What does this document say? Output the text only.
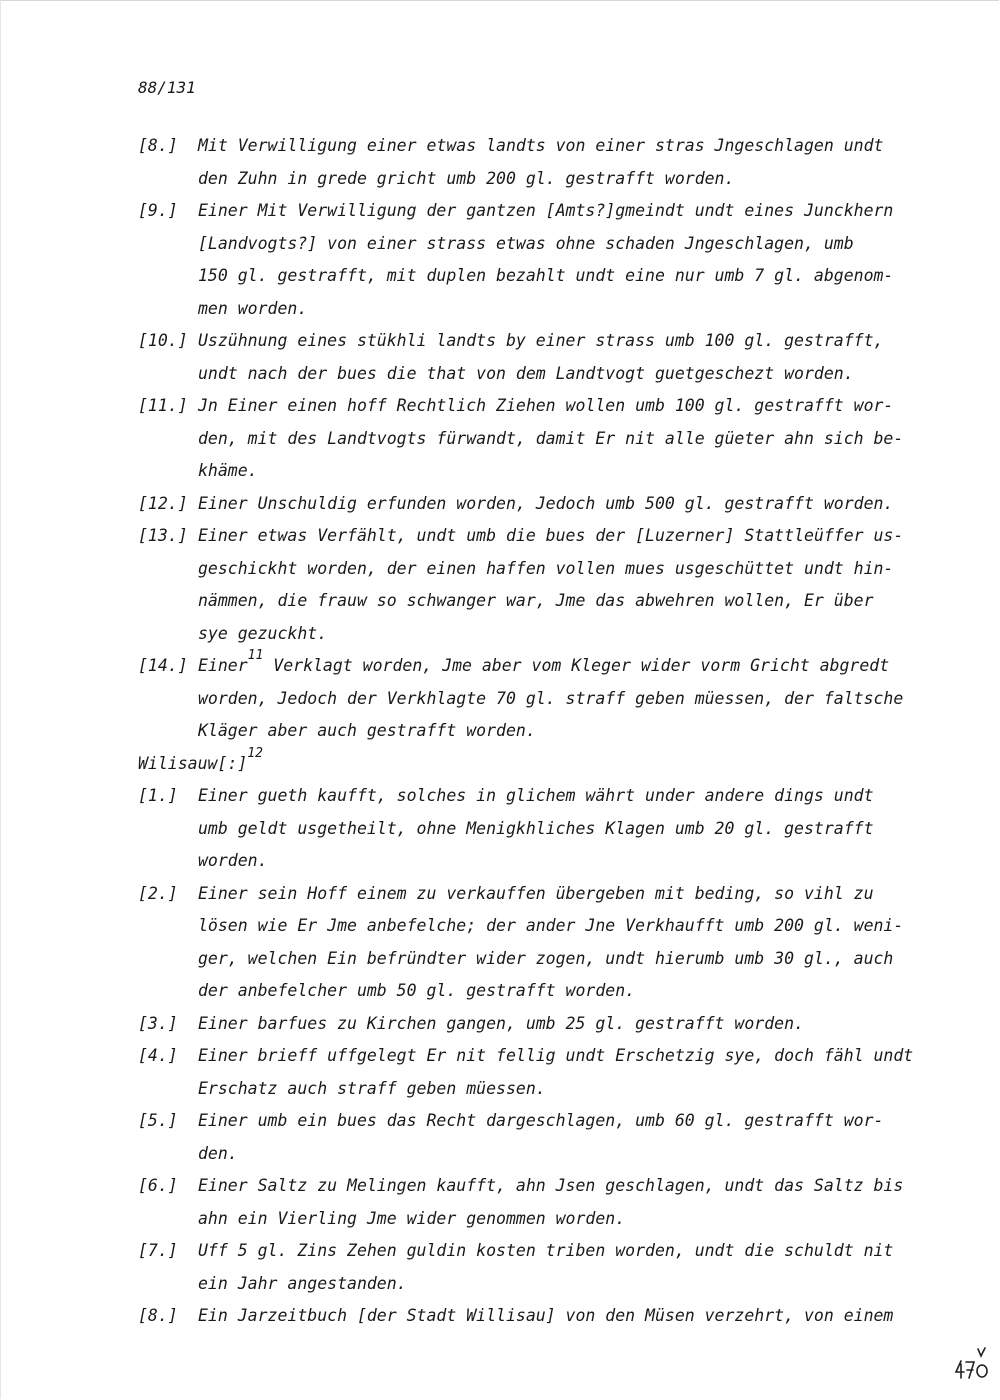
88/131
[8.]	Mit Verwilligung einer etwas landts von einer stras Jngeschlagen undt
den Zuhn in grede gricht umb 200 gl. gestrafft worden.
[9.]	Einer Mit Verwilligung der gantzen [Amts?]gmeindt undt eines Junckhern
[Landvogts?] von einer strass etwas ohne schaden Jngeschlagen, umb
150 gl. gestrafft, mit duplen bezahlt undt eine nur umb 7 gl. abgenom-
men worden.
[10.] Uszühnung eines stükhli landts by einer strass umb 100 gl. gestrafft,
undt nach der bues die that von dem Landtvogt guetgeschezt worden.
[11.] Jn Einer einen hoff Rechtlich Ziehen wollen umb 100 gl. gestrafft wor-
den, mit des Landtvogts fürwandt, damit Er nit alle güeter ahn sich be-
khäme.
[12.] Einer Unschuldig erfunden worden, Jedoch umb 500 gl. gestrafft worden.
[13.] Einer etwas Verfählt, undt umb die bues der [Luzerner] Stattleüffer us-
geschickht worden, der einen haffen vollen mues usgeschüttet undt hin-
nämmen, die frauw so schwanger war, Jme das abwehren wollen, Er über
sye gezuckht.
[14.] Einer$^{11}$ Verklagt worden, Jme aber vom Kleger wider vorm Gricht abgredt
worden, Jedoch der Verkhlagte 70 gl. straff geben müessen, der faltsche
Kläger aber auch gestrafft worden.
Wilisauw[:]$^{12}$
[1.]	Einer gueth kaufft, solches in glichem währt under andere dings undt
umb geldt usgetheilt, ohne Menigkhliches Klagen umb 20 gl. gestrafft
worden.
[2.]	Einer sein Hoff einem zu verkauffen übergeben mit beding, so vihl zu
lösen wie Er Jme anbefelche; der ander Jne Verkhaufft umb 200 gl. weni-
ger, welchen Ein befründter wider zogen, undt hierumb umb 30 gl., auch
der anbefelcher umb 50 gl. gestrafft worden.
[3.]	Einer barfues zu Kirchen gangen, umb 25 gl. gestrafft worden.
[4.]	Einer brieff uffgelegt Er nit fellig undt Erschetzig sye, doch fähl undt
Erschatz auch straff geben müessen.
[5.]	Einer umb ein bues das Recht dargeschlagen, umb 60 gl. gestrafft wor-
den.
[6.]	Einer Saltz zu Melingen kaufft, ahn Jsen geschlagen, undt das Saltz bis
ahn ein Vierling Jme wider genommen worden.
[7.]	Uff 5 gl. Zins Zehen guldin kosten triben worden, undt die schuldt nit
ein Jahr angestanden.
[8.]	Ein Jarzeitbuch [der Stadt Willisau] von den Müsen verzehrt, von einem
